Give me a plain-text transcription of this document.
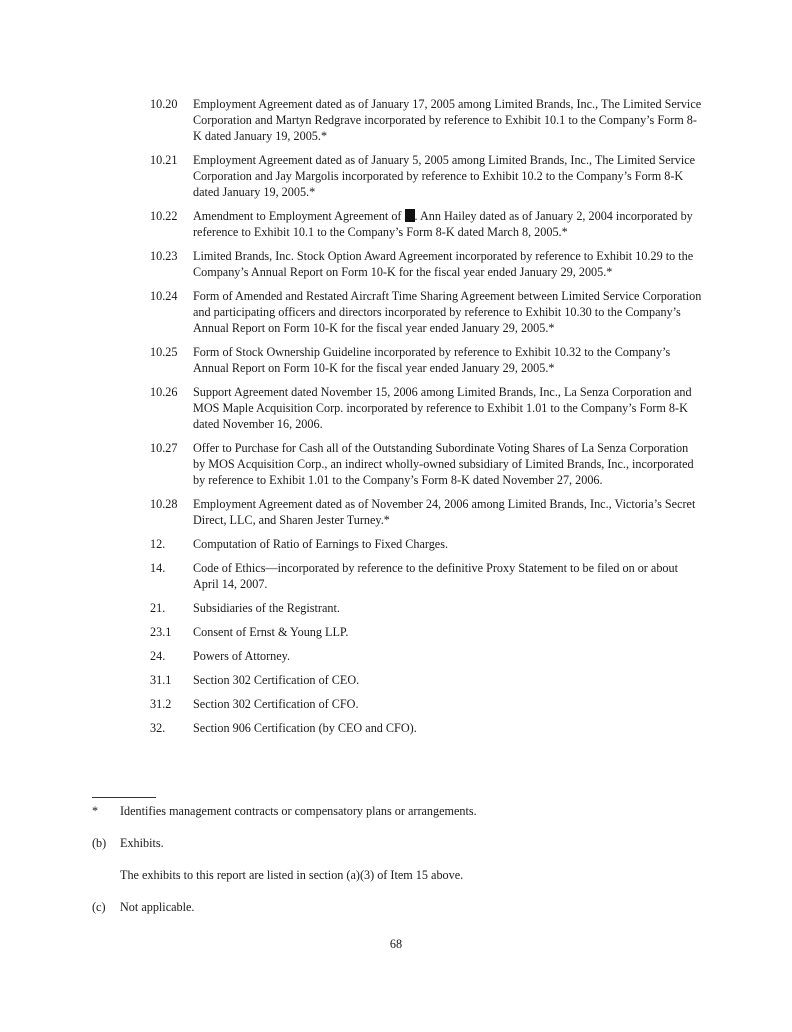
10.20	Employment Agreement dated as of January 17, 2005 among Limited Brands, Inc., The Limited Service Corporation and Martyn Redgrave incorporated by reference to Exhibit 10.1 to the Company’s Form 8-K dated January 19, 2005.*
10.21	Employment Agreement dated as of January 5, 2005 among Limited Brands, Inc., The Limited Service Corporation and Jay Margolis incorporated by reference to Exhibit 10.2 to the Company’s Form 8-K dated January 19, 2005.*
10.22	Amendment to Employment Agreement of . Ann Hailey dated as of January 2, 2004 incorporated by reference to Exhibit 10.1 to the Company’s Form 8-K dated March 8, 2005.*
10.23	Limited Brands, Inc. Stock Option Award Agreement incorporated by reference to Exhibit 10.29 to the Company’s Annual Report on Form 10-K for the fiscal year ended January 29, 2005.*
10.24	Form of Amended and Restated Aircraft Time Sharing Agreement between Limited Service Corporation and participating officers and directors incorporated by reference to Exhibit 10.30 to the Company’s Annual Report on Form 10-K for the fiscal year ended January 29, 2005.*
10.25	Form of Stock Ownership Guideline incorporated by reference to Exhibit 10.32 to the Company’s Annual Report on Form 10-K for the fiscal year ended January 29, 2005.*
10.26	Support Agreement dated November 15, 2006 among Limited Brands, Inc., La Senza Corporation and MOS Maple Acquisition Corp. incorporated by reference to Exhibit 1.01 to the Company’s Form 8-K dated November 16, 2006.
10.27	Offer to Purchase for Cash all of the Outstanding Subordinate Voting Shares of La Senza Corporation by MOS Acquisition Corp., an indirect wholly-owned subsidiary of Limited Brands, Inc., incorporated by reference to Exhibit 1.01 to the Company’s Form 8-K dated November 27, 2006.
10.28	Employment Agreement dated as of November 24, 2006 among Limited Brands, Inc., Victoria’s Secret Direct, LLC, and Sharen Jester Turney.*
12.	Computation of Ratio of Earnings to Fixed Charges.
14.	Code of Ethics—incorporated by reference to the definitive Proxy Statement to be filed on or about April 14, 2007.
21.	Subsidiaries of the Registrant.
23.1	Consent of Ernst & Young LLP.
24.	Powers of Attorney.
31.1	Section 302 Certification of CEO.
31.2	Section 302 Certification of CFO.
32.	Section 906 Certification (by CEO and CFO).
*	Identifies management contracts or compensatory plans or arrangements.
(b)	Exhibits.
The exhibits to this report are listed in section (a)(3) of Item 15 above.
(c)	Not applicable.
68
